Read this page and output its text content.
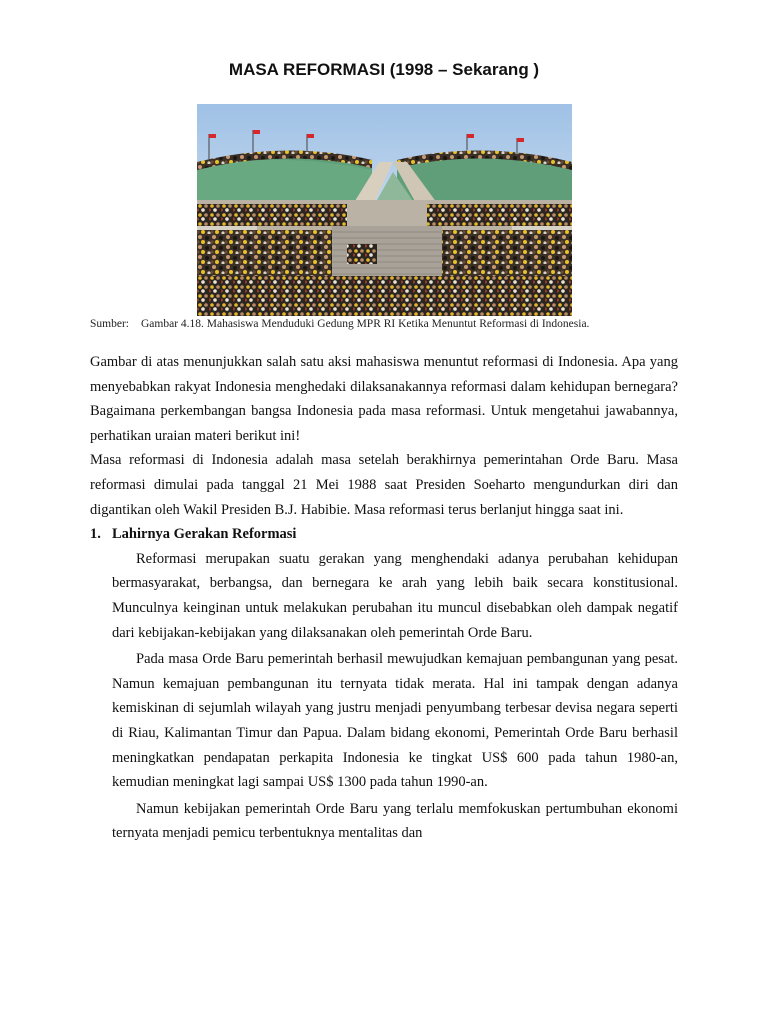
MASA REFORMASI (1998 – Sekarang )
Sumber: Gambar 4.18. Mahasiswa Menduduki Gedung MPR RI Ketika Menuntut Reformasi di Indonesia.

Gambar di atas menunjukkan salah satu aksi mahasiswa menuntut reformasi di Indonesia. Apa yang menyebabkan rakyat Indonesia menghedaki dilaksanakannya reformasi dalam kehidupan bernegara? Bagaimana perkembangan bangsa Indonesia pada masa reformasi. Untuk mengetahui jawabannya, perhatikan uraian materi berikut ini!

Masa reformasi di Indonesia adalah masa setelah berakhirnya pemerintahan Orde Baru. Masa reformasi dimulai pada tanggal 21 Mei 1988 saat Presiden Soeharto mengundurkan diri dan digantikan oleh Wakil Presiden B.J. Habibie. Masa reformasi terus berlanjut hingga saat ini.

1. Lahirnya Gerakan Reformasi

Reformasi merupakan suatu gerakan yang menghendaki adanya perubahan kehidupan bermasyarakat, berbangsa, dan bernegara ke arah yang lebih baik secara konstitusional. Munculnya keinginan untuk melakukan perubahan itu muncul disebabkan oleh dampak negatif dari kebijakan-kebijakan yang dilaksanakan oleh pemerintah Orde Baru.

Pada masa Orde Baru pemerintah berhasil mewujudkan kemajuan pembangunan yang pesat. Namun kemajuan pembangunan itu ternyata tidak merata. Hal ini tampak dengan adanya kemiskinan di sejumlah wilayah yang justru menjadi penyumbang terbesar devisa negara seperti di Riau, Kalimantan Timur dan Papua. Dalam bidang ekonomi, Pemerintah Orde Baru berhasil meningkatkan pendapatan perkapita Indonesia ke tingkat US$ 600 pada tahun 1980-an, kemudian meningkat lagi sampai US$ 1300 pada tahun 1990-an.

Namun kebijakan pemerintah Orde Baru yang terlalu memfokuskan pertumbuhan ekonomi ternyata menjadi pemicu terbentuknya mentalitas dan
